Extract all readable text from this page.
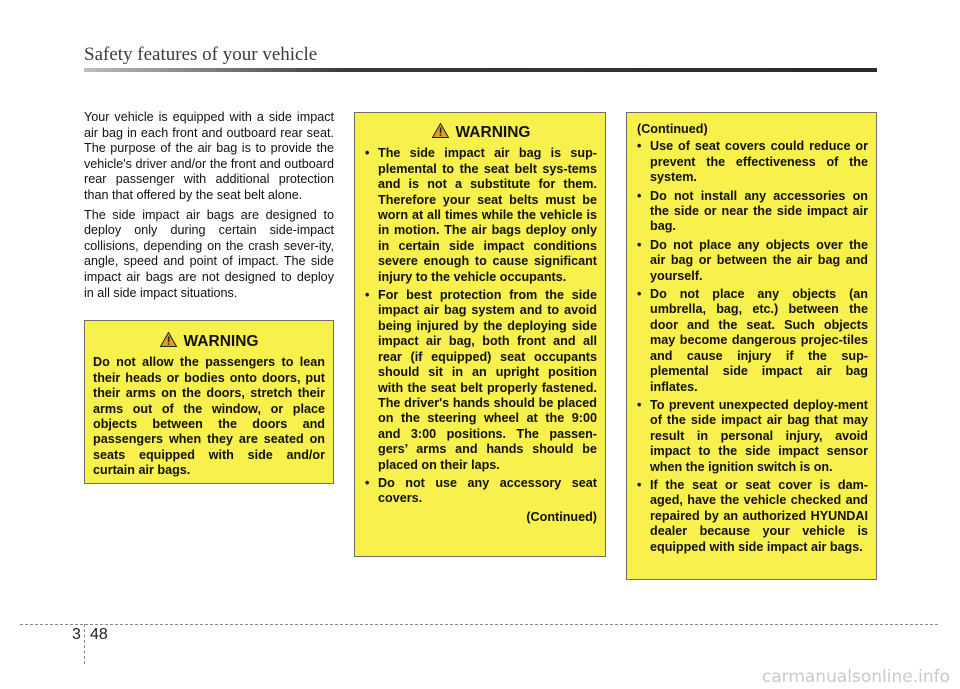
Safety features of your vehicle

Your vehicle is equipped with a side impact air bag in each front and outboard rear seat. The purpose of the air bag is to provide the vehicle's driver and/or the front and outboard rear passenger with additional protection than that offered by the seat belt alone.

The side impact air bags are designed to deploy only during certain side-impact collisions, depending on the crash sever-ity, angle, speed and point of impact. The side impact air bags are not designed to deploy in all side impact situations.

WARNING
Do not allow the passengers to lean their heads or bodies onto doors, put their arms on the doors, stretch their arms out of the window, or place objects between the doors and passengers when they are seated on seats equipped with side and/or curtain air bags.
WARNING
• The side impact air bag is sup-plemental to the seat belt sys-tems and is not a substitute for them. Therefore your seat belts must be worn at all times while the vehicle is in motion. The air bags deploy only in certain side impact conditions severe enough to cause significant injury to the vehicle occupants.
• For best protection from the side impact air bag system and to avoid being injured by the deploying side impact air bag, both front and all rear (if equipped) seat occupants should sit in an upright position with the seat belt properly fastened. The driver's hands should be placed on the steering wheel at the 9:00 and 3:00 positions. The passen-gers’ arms and hands should be placed on their laps.
• Do not use any accessory seat covers.
(Continued)
(Continued)
• Use of seat covers could reduce or prevent the effectiveness of the system.
• Do not install any accessories on the side or near the side impact air bag.
• Do not place any objects over the air bag or between the air bag and yourself.
• Do not place any objects (an umbrella, bag, etc.) between the door and the seat. Such objects may become dangerous projec-tiles and cause injury if the sup-plemental side impact air bag inflates.
• To prevent unexpected deploy-ment of the side impact air bag that may result in personal injury, avoid impact to the side impact sensor when the ignition switch is on.
• If the seat or seat cover is dam-aged, have the vehicle checked and repaired by an authorized HYUNDAI dealer because your vehicle is equipped with side impact air bags.
3 48
carmanualsonline.info
